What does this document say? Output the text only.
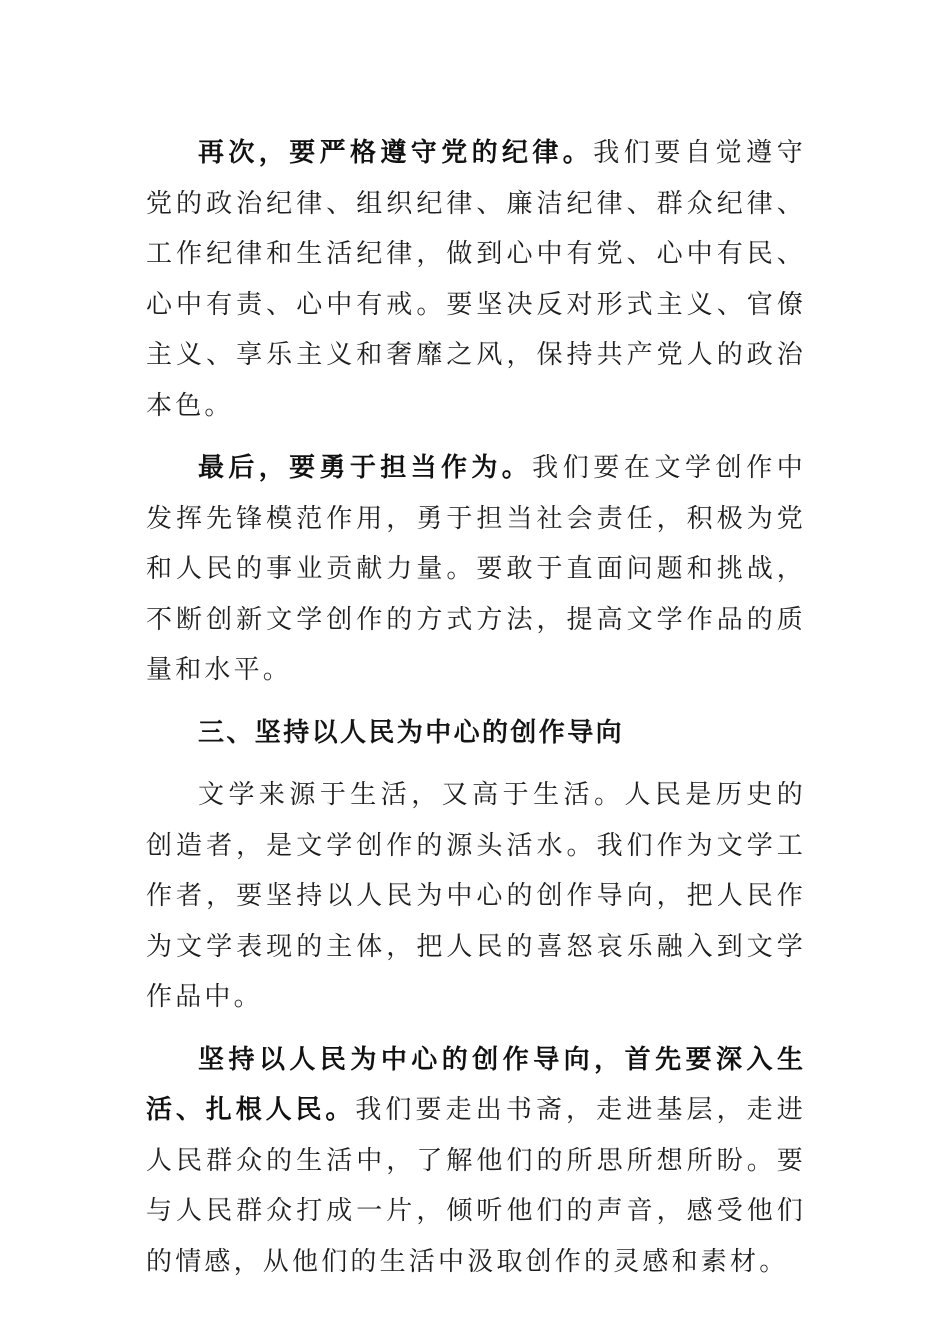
再次，要严格遵守党的纪律。我们要自觉遵守党的政治纪律、组织纪律、廉洁纪律、群众纪律、工作纪律和生活纪律，做到心中有党、心中有民、心中有责、心中有戒。要坚决反对形式主义、官僚主义、享乐主义和奢靡之风，保持共产党人的政治本色。

最后，要勇于担当作为。我们要在文学创作中发挥先锋模范作用，勇于担当社会责任，积极为党和人民的事业贡献力量。要敢于直面问题和挑战，不断创新文学创作的方式方法，提高文学作品的质量和水平。

三、坚持以人民为中心的创作导向

文学来源于生活，又高于生活。人民是历史的创造者，是文学创作的源头活水。我们作为文学工作者，要坚持以人民为中心的创作导向，把人民作为文学表现的主体，把人民的喜怒哀乐融入到文学作品中。

坚持以人民为中心的创作导向，首先要深入生活、扎根人民。我们要走出书斋，走进基层，走进人民群众的生活中，了解他们的所思所想所盼。要与人民群众打成一片，倾听他们的声音，感受他们的情感，从他们的生活中汲取创作的灵感和素材。
